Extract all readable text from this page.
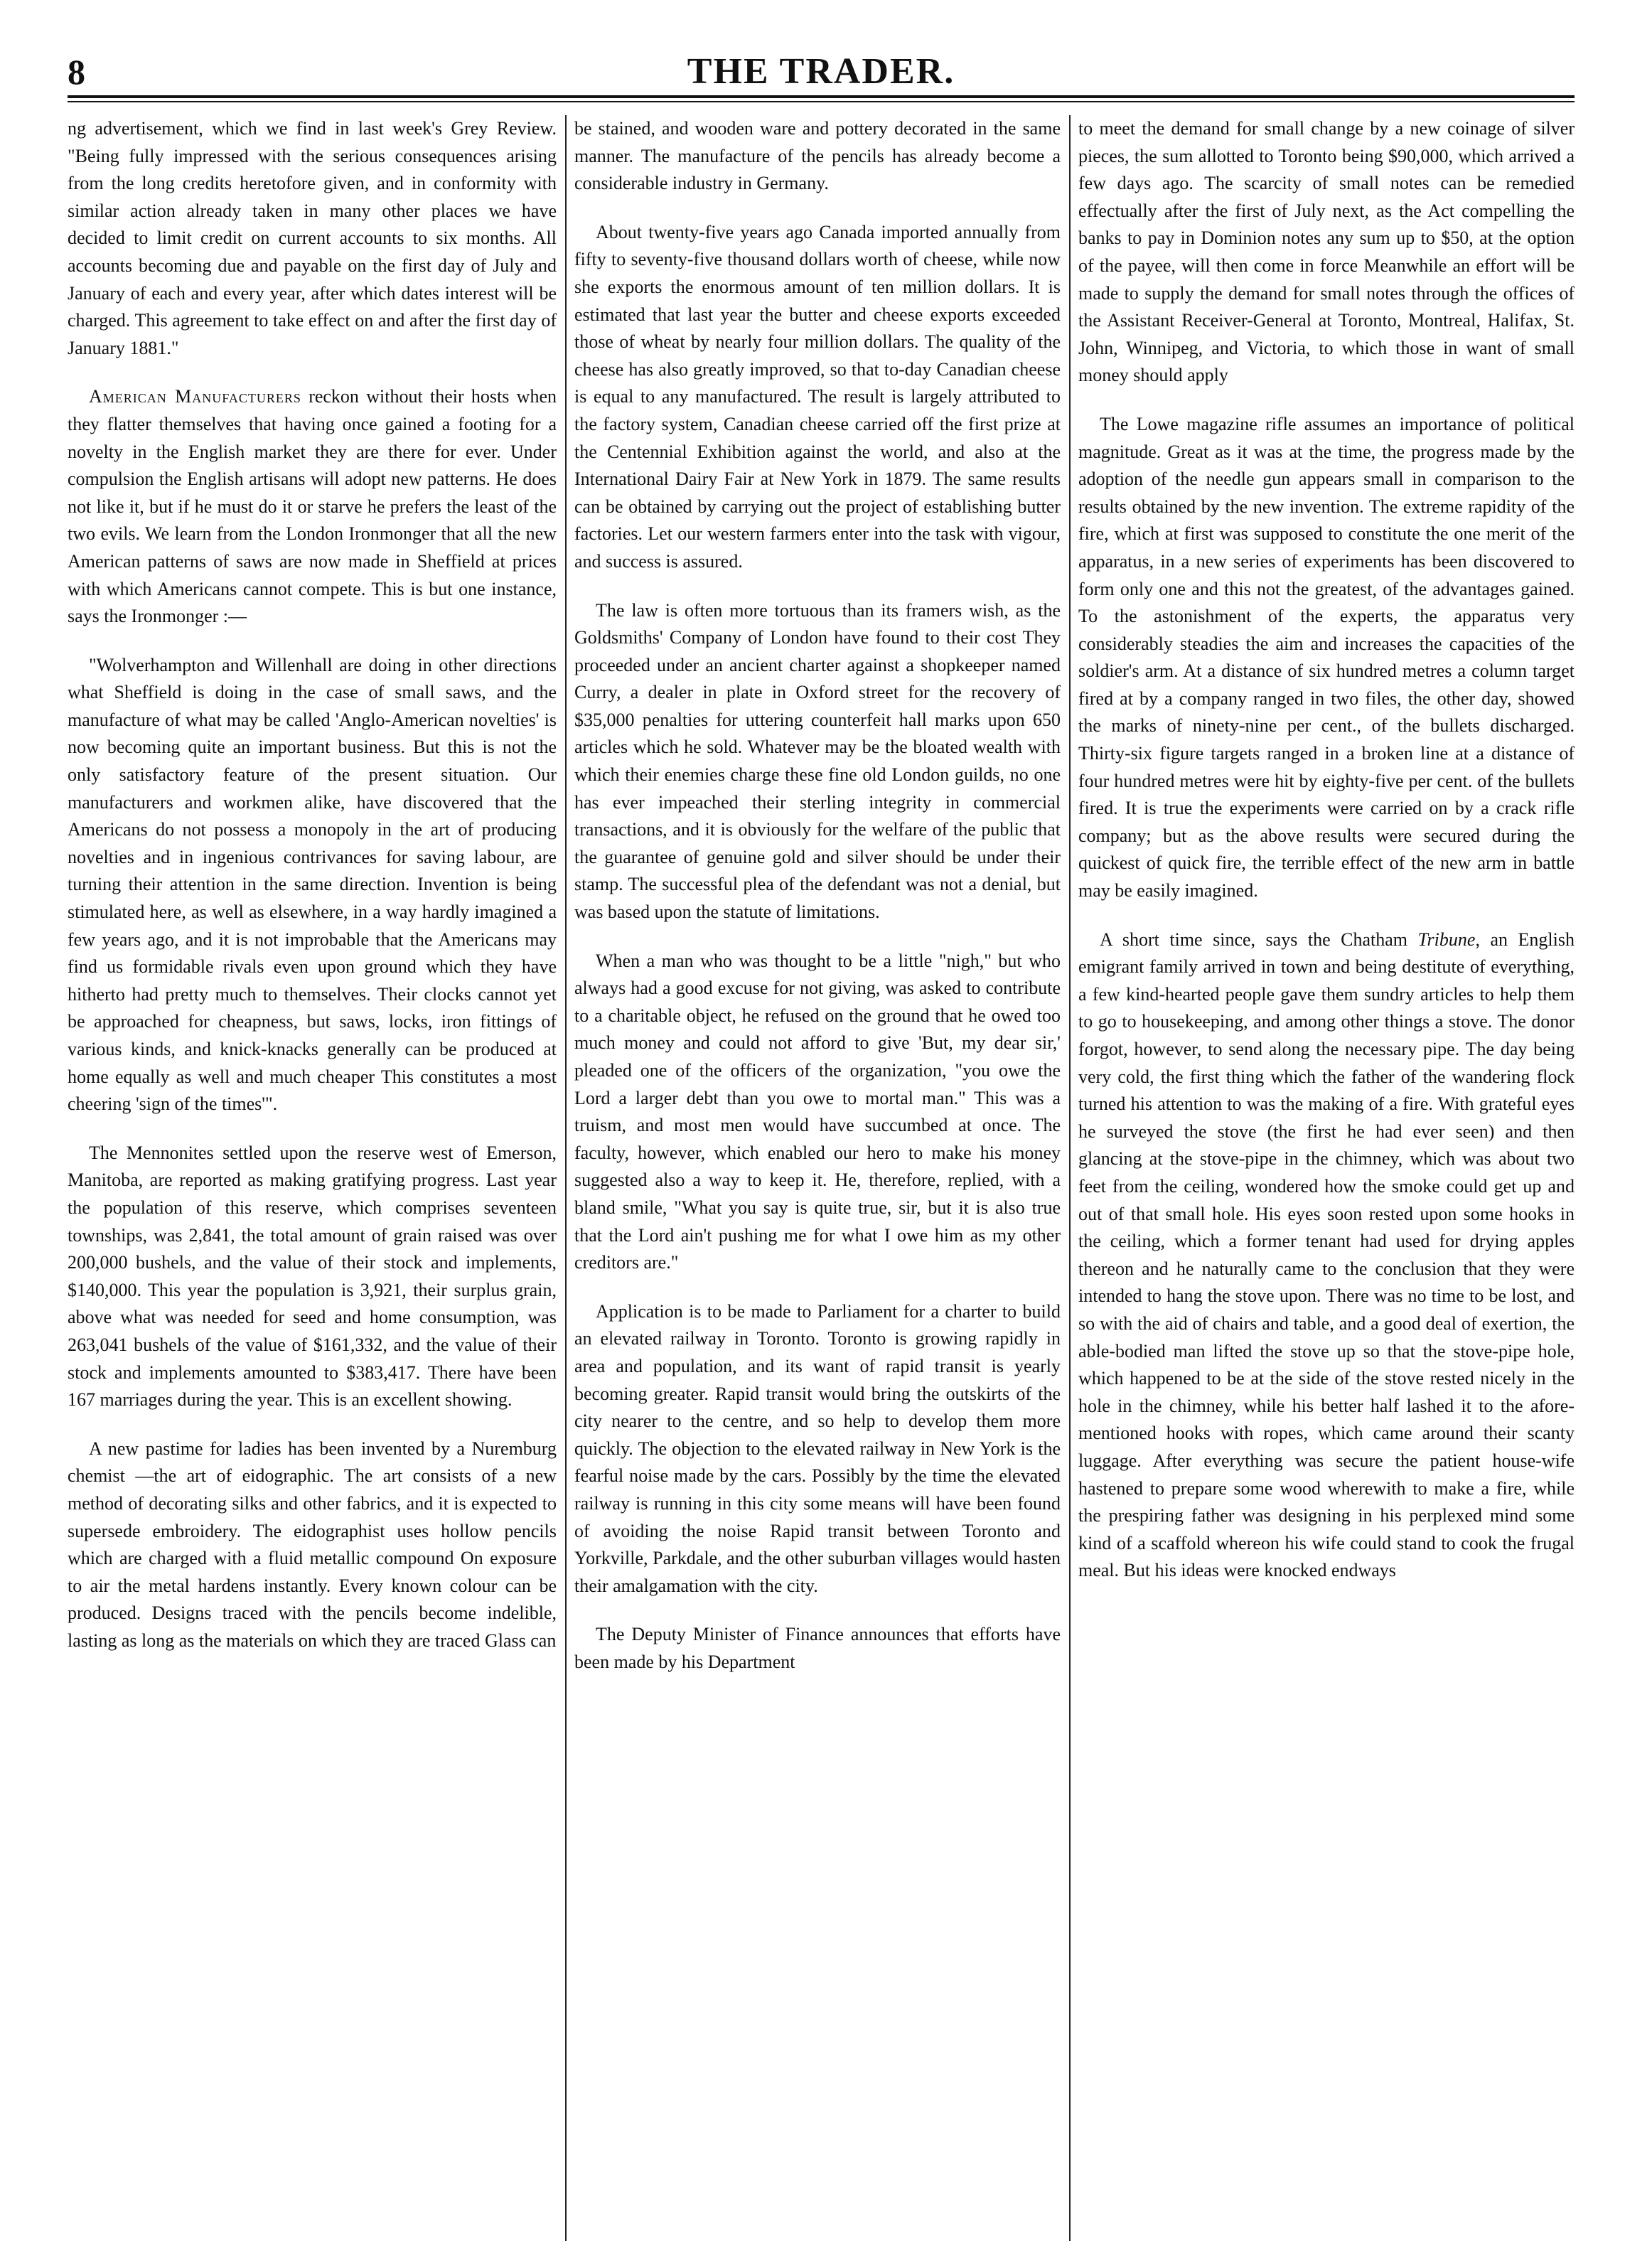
8	THE TRADER.

ng advertisement, which we find in last week's Grey Review. "Being fully impressed with the serious consequences arising from the long credits heretofore given, and in conformity with similar action already taken in many other places we have decided to limit credit on current accounts to six months. All accounts becoming due and payable on the first day of July and January of each and every year, after which dates interest will be charged. This agreement to take effect on and after the first day of January 1881."

American Manufacturers reckon without their hosts when they flatter themselves that having once gained a footing for a novelty in the English market they are there for ever. Under compulsion the English artisans will adopt new patterns. He does not like it, but if he must do it or starve he prefers the least of the two evils. We learn from the London Ironmonger that all the new American patterns of saws are now made in Sheffield at prices with which Americans cannot compete. This is but one instance, says the Ironmonger :—

"Wolverhampton and Willenhall are doing in other directions what Sheffield is doing in the case of small saws, and the manufacture of what may be called 'Anglo-American novelties' is now becoming quite an important business. But this is not the only satisfactory feature of the present situation. Our manufacturers and workmen alike, have discovered that the Americans do not possess a monopoly in the art of producing novelties and in ingenious contrivances for saving labour, are turning their attention in the same direction. Invention is being stimulated here, as well as elsewhere, in a way hardly imagined a few years ago, and it is not improbable that the Americans may find us formidable rivals even upon ground which they have hitherto had pretty much to themselves. Their clocks cannot yet be approached for cheapness, but saws, locks, iron fittings of various kinds, and knick-knacks generally can be produced at home equally as well and much cheaper This constitutes a most cheering 'sign of the times'".

The Mennonites settled upon the reserve west of Emerson, Manitoba, are reported as making gratifying progress. Last year the population of this reserve, which comprises seventeen townships, was 2,841, the total amount of grain raised was over 200,000 bushels, and the value of their stock and implements, $140,000. This year the population is 3,921, their surplus grain, above what was needed for seed and home consumption, was 263,041 bushels of the value of $161,332, and the value of their stock and implements amounted to $383,417. There have been 167 marriages during the year. This is an excellent showing.

A new pastime for ladies has been invented by a Nuremburg chemist —the art of eidographic. The art consists of a new method of decorating silks and other fabrics, and it is expected to supersede embroidery. The eidographist uses hollow pencils which are charged with a fluid metallic compound On exposure to air the metal hardens instantly. Every known colour can be produced. Designs traced with the pencils become indelible, lasting as long as the materials on which they are traced Glass can

be stained, and wooden ware and pottery decorated in the same manner. The manufacture of the pencils has already become a considerable industry in Germany.

About twenty-five years ago Canada imported annually from fifty to seventy-five thousand dollars worth of cheese, while now she exports the enormous amount of ten million dollars. It is estimated that last year the butter and cheese exports exceeded those of wheat by nearly four million dollars. The quality of the cheese has also greatly improved, so that to-day Canadian cheese is equal to any manufactured. The result is largely attributed to the factory system, Canadian cheese carried off the first prize at the Centennial Exhibition against the world, and also at the International Dairy Fair at New York in 1879. The same results can be obtained by carrying out the project of establishing butter factories. Let our western farmers enter into the task with vigour, and success is assured.

The law is often more tortuous than its framers wish, as the Goldsmiths' Company of London have found to their cost They proceeded under an ancient charter against a shopkeeper named Curry, a dealer in plate in Oxford street for the recovery of $35,000 penalties for uttering counterfeit hall marks upon 650 articles which he sold. Whatever may be the bloated wealth with which their enemies charge these fine old London guilds, no one has ever impeached their sterling integrity in commercial transactions, and it is obviously for the welfare of the public that the guarantee of genuine gold and silver should be under their stamp. The successful plea of the defendant was not a denial, but was based upon the statute of limitations.

When a man who was thought to be a little "nigh," but who always had a good excuse for not giving, was asked to contribute to a charitable object, he refused on the ground that he owed too much money and could not afford to give 'But, my dear sir,' pleaded one of the officers of the organization, "you owe the Lord a larger debt than you owe to mortal man." This was a truism, and most men would have succumbed at once. The faculty, however, which enabled our hero to make his money suggested also a way to keep it. He, therefore, replied, with a bland smile, "What you say is quite true, sir, but it is also true that the Lord ain't pushing me for what I owe him as my other creditors are."

Application is to be made to Parliament for a charter to build an elevated railway in Toronto. Toronto is growing rapidly in area and population, and its want of rapid transit is yearly becoming greater. Rapid transit would bring the outskirts of the city nearer to the centre, and so help to develop them more quickly. The objection to the elevated railway in New York is the fearful noise made by the cars. Possibly by the time the elevated railway is running in this city some means will have been found of avoiding the noise Rapid transit between Toronto and Yorkville, Parkdale, and the other suburban villages would hasten their amalgamation with the city.

The Deputy Minister of Finance announces that efforts have been made by his Department

to meet the demand for small change by a new coinage of silver pieces, the sum allotted to Toronto being $90,000, which arrived a few days ago. The scarcity of small notes can be remedied effectually after the first of July next, as the Act compelling the banks to pay in Dominion notes any sum up to $50, at the option of the payee, will then come in force Meanwhile an effort will be made to supply the demand for small notes through the offices of the Assistant Receiver-General at Toronto, Montreal, Halifax, St. John, Winnipeg, and Victoria, to which those in want of small money should apply

The Lowe magazine rifle assumes an importance of political magnitude. Great as it was at the time, the progress made by the adoption of the needle gun appears small in comparison to the results obtained by the new invention. The extreme rapidity of the fire, which at first was supposed to constitute the one merit of the apparatus, in a new series of experiments has been discovered to form only one and this not the greatest, of the advantages gained. To the astonishment of the experts, the apparatus very considerably steadies the aim and increases the capacities of the soldier's arm. At a distance of six hundred metres a column target fired at by a company ranged in two files, the other day, showed the marks of ninety-nine per cent., of the bullets discharged. Thirty-six figure targets ranged in a broken line at a distance of four hundred metres were hit by eighty-five per cent. of the bullets fired. It is true the experiments were carried on by a crack rifle company; but as the above results were secured during the quickest of quick fire, the terrible effect of the new arm in battle may be easily imagined.

A short time since, says the Chatham Tribune, an English emigrant family arrived in town and being destitute of everything, a few kind-hearted people gave them sundry articles to help them to go to housekeeping, and among other things a stove. The donor forgot, however, to send along the necessary pipe. The day being very cold, the first thing which the father of the wandering flock turned his attention to was the making of a fire. With grateful eyes he surveyed the stove (the first he had ever seen) and then glancing at the stove-pipe in the chimney, which was about two feet from the ceiling, wondered how the smoke could get up and out of that small hole. His eyes soon rested upon some hooks in the ceiling, which a former tenant had used for drying apples thereon and he naturally came to the conclusion that they were intended to hang the stove upon. There was no time to be lost, and so with the aid of chairs and table, and a good deal of exertion, the able-bodied man lifted the stove up so that the stove-pipe hole, which happened to be at the side of the stove rested nicely in the hole in the chimney, while his better half lashed it to the afore-mentioned hooks with ropes, which came around their scanty luggage. After everything was secure the patient house-wife hastened to prepare some wood wherewith to make a fire, while the prespiring father was designing in his perplexed mind some kind of a scaffold whereon his wife could stand to cook the frugal meal. But his ideas were knocked endways
